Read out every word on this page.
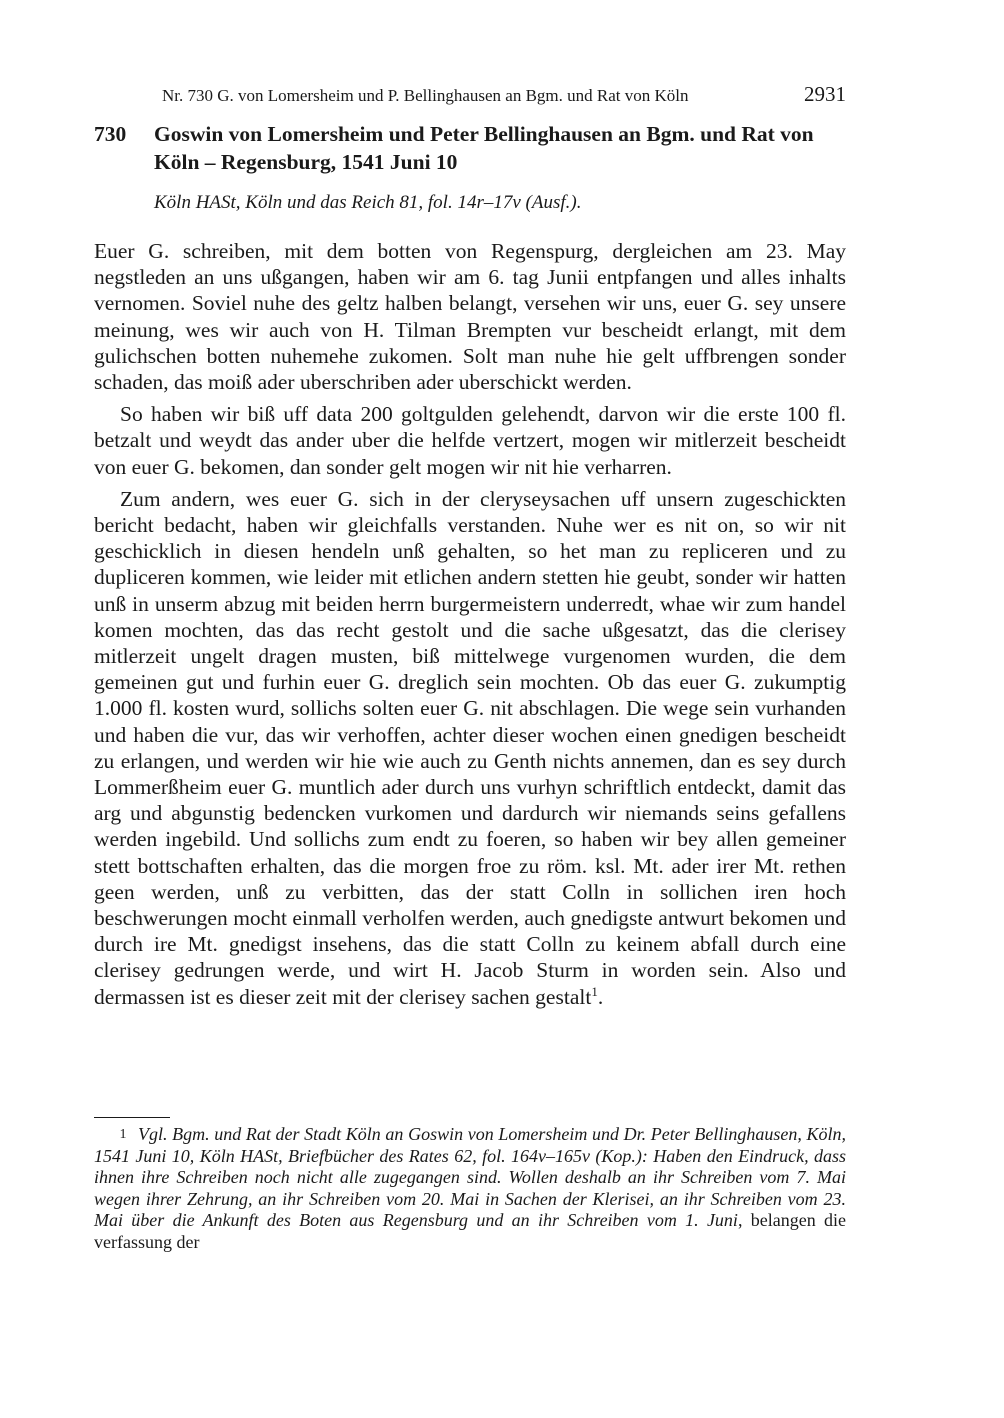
Nr. 730 G. von Lomersheim und P. Bellinghausen an Bgm. und Rat von Köln	2931
730	Goswin von Lomersheim und Peter Bellinghausen an Bgm. und Rat von Köln – Regensburg, 1541 Juni 10
Köln HASt, Köln und das Reich 81, fol. 14r–17v (Ausf.).

Euer G. schreiben, mit dem botten von Regenspurg, dergleichen am 23. May negstleden an uns ußgangen, haben wir am 6. tag Junii entpfangen und alles inhalts vernomen. Soviel nuhe des geltz halben belangt, versehen wir uns, euer G. sey unsere meinung, wes wir auch von H. Tilman Brempten vur bescheidt erlangt, mit dem gulichschen botten nuhemehe zukomen. Solt man nuhe hie gelt uffbrengen sonder schaden, das moiß ader uberschriben ader uberschickt werden.

So haben wir biß uff data 200 goltgulden gelehendt, darvon wir die erste 100 fl. betzalt und weydt das ander uber die helfde vertzert, mogen wir mitlerzeit bescheidt von euer G. bekomen, dan sonder gelt mogen wir nit hie verharren.

Zum andern, wes euer G. sich in der cleryseysachen uff unsern zugeschickten bericht bedacht, haben wir gleichfalls verstanden. Nuhe wer es nit on, so wir nit geschicklich in diesen hendeln unß gehalten, so het man zu repliceren und zu dupliceren kommen, wie leider mit etlichen andern stetten hie geubt, sonder wir hatten unß in unserm abzug mit beiden herrn burgermeistern underredt, whae wir zum handel komen mochten, das das recht gestolt und die sache ußgesatzt, das die clerisey mitlerzeit ungelt dragen musten, biß mittelwege vurgenomen wurden, die dem gemeinen gut und furhin euer G. dreglich sein mochten. Ob das euer G. zukumptig 1.000 fl. kosten wurd, sollichs solten euer G. nit abschlagen. Die wege sein vurhanden und haben die vur, das wir verhoffen, achter dieser wochen einen gnedigen bescheidt zu erlangen, und werden wir hie wie auch zu Genth nichts annemen, dan es sey durch Lommerßheim euer G. muntlich ader durch uns vurhyn schriftlich entdeckt, damit das arg und abgunstig bedencken vurkomen und dardurch wir niemands seins gefallens werden ingebild. Und sollichs zum endt zu foeren, so haben wir bey allen gemeiner stett bottschaften erhalten, das die morgen froe zu röm. ksl. Mt. ader irer Mt. rethen geen werden, unß zu verbitten, das der statt Colln in sollichen iren hoch beschwerungen mocht einmall verholfen werden, auch gnedigste antwurt bekomen und durch ire Mt. gnedigst insehens, das die statt Colln zu keinem abfall durch eine clerisey gedrungen werde, und wirt H. Jacob Sturm in worden sein. Also und dermassen ist es dieser zeit mit der clerisey sachen gestalt$^1$.

1 Vgl. Bgm. und Rat der Stadt Köln an Goswin von Lomersheim und Dr. Peter Bellinghausen, Köln, 1541 Juni 10, Köln HASt, Briefbücher des Rates 62, fol. 164v–165v (Kop.): Haben den Eindruck, dass ihnen ihre Schreiben noch nicht alle zugegangen sind. Wollen deshalb an ihr Schreiben vom 7. Mai wegen ihrer Zehrung, an ihr Schreiben vom 20. Mai in Sachen der Klerisei, an ihr Schreiben vom 23. Mai über die Ankunft des Boten aus Regensburg und an ihr Schreiben vom 1. Juni, belangen die verfassung der
